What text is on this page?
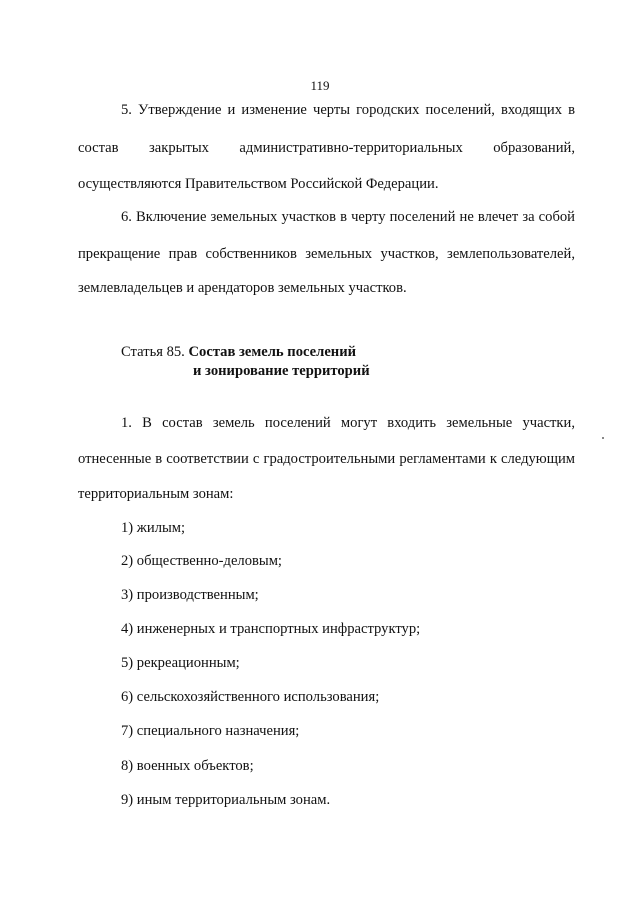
119
5. Утверждение и изменение черты городских поселений, входящих в
состав закрытых административно-территориальных образований,
осуществляются Правительством Российской Федерации.
6. Включение земельных участков в черту поселений не влечет за собой
прекращение прав собственников земельных участков, землепользователей,
землевладельцев и арендаторов земельных участков.
Статья 85. Состав земель поселений
и зонирование территорий
1. В состав земель поселений могут входить земельные участки,
отнесенные в соответствии с градостроительными регламентами к следующим
территориальным зонам:
1) жилым;
2) общественно-деловым;
3) производственным;
4) инженерных и транспортных инфраструктур;
5) рекреационным;
6) сельскохозяйственного использования;
7) специального назначения;
8) военных объектов;
9) иным территориальным зонам.
